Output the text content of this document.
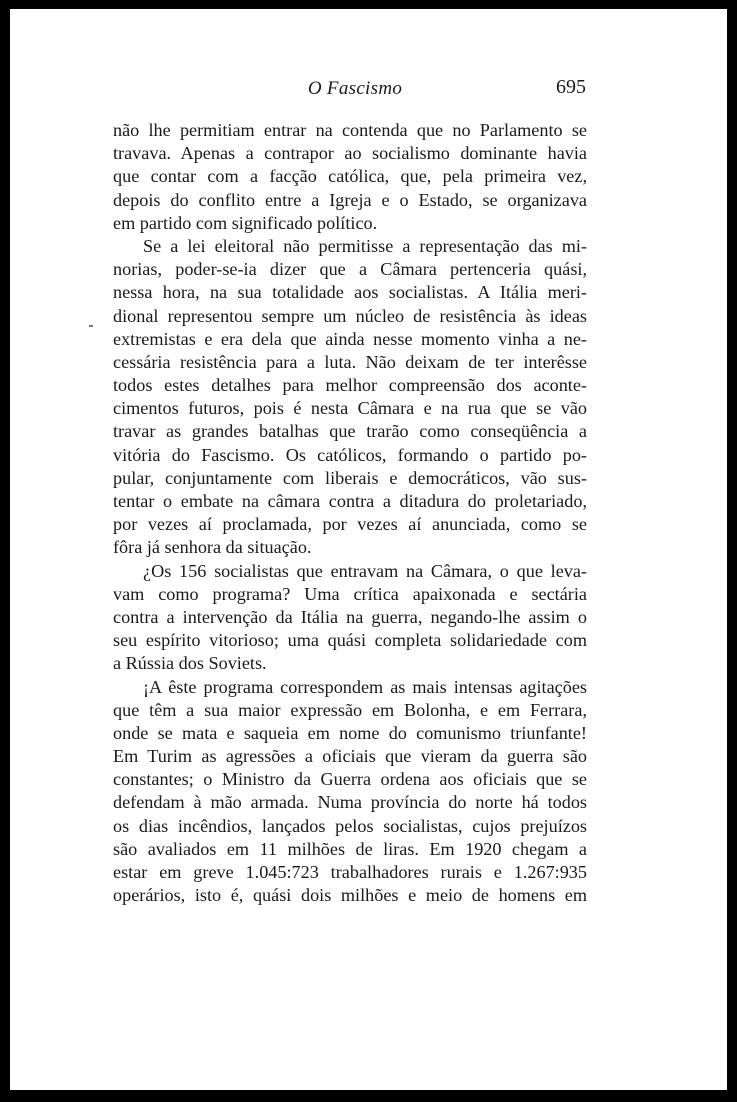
O Fascismo	695
não lhe permitiam entrar na contenda que no Parlamento se
travava. Apenas a contrapor ao socialismo dominante havia
que contar com a facção católica, que, pela primeira vez,
depois do conflito entre a Igreja e o Estado, se organizava
em partido com significado político.
Se a lei eleitoral não permitisse a representação das mi-
norias, poder-se-ia dizer que a Câmara pertenceria quási,
nessa hora, na sua totalidade aos socialistas. A Itália meri-
dional representou sempre um núcleo de resistência às ideas
extremistas e era dela que ainda nesse momento vinha a ne-
cessária resistência para a luta. Não deixam de ter interêsse
todos estes detalhes para melhor compreensão dos aconte-
cimentos futuros, pois é nesta Câmara e na rua que se vão
travar as grandes batalhas que trarão como conseqüência a
vitória do Fascismo. Os católicos, formando o partido po-
pular, conjuntamente com liberais e democráticos, vão sus-
tentar o embate na câmara contra a ditadura do proletariado,
por vezes aí proclamada, por vezes aí anunciada, como se
fôra já senhora da situação.
¿Os 156 socialistas que entravam na Câmara, o que leva-
vam como programa? Uma crítica apaixonada e sectária
contra a intervenção da Itália na guerra, negando-lhe assim o
seu espírito vitorioso; uma quási completa solidariedade com
a Rússia dos Soviets.
¡A êste programa correspondem as mais intensas agitações
que têm a sua maior expressão em Bolonha, e em Ferrara,
onde se mata e saqueia em nome do comunismo triunfante!
Em Turim as agressões a oficiais que vieram da guerra são
constantes; o Ministro da Guerra ordena aos oficiais que se
defendam à mão armada. Numa província do norte há todos
os dias incêndios, lançados pelos socialistas, cujos prejuízos
são avaliados em 11 milhões de liras. Em 1920 chegam a
estar em greve 1.045:723 trabalhadores rurais e 1.267:935
operários, isto é, quási dois milhões e meio de homens em
